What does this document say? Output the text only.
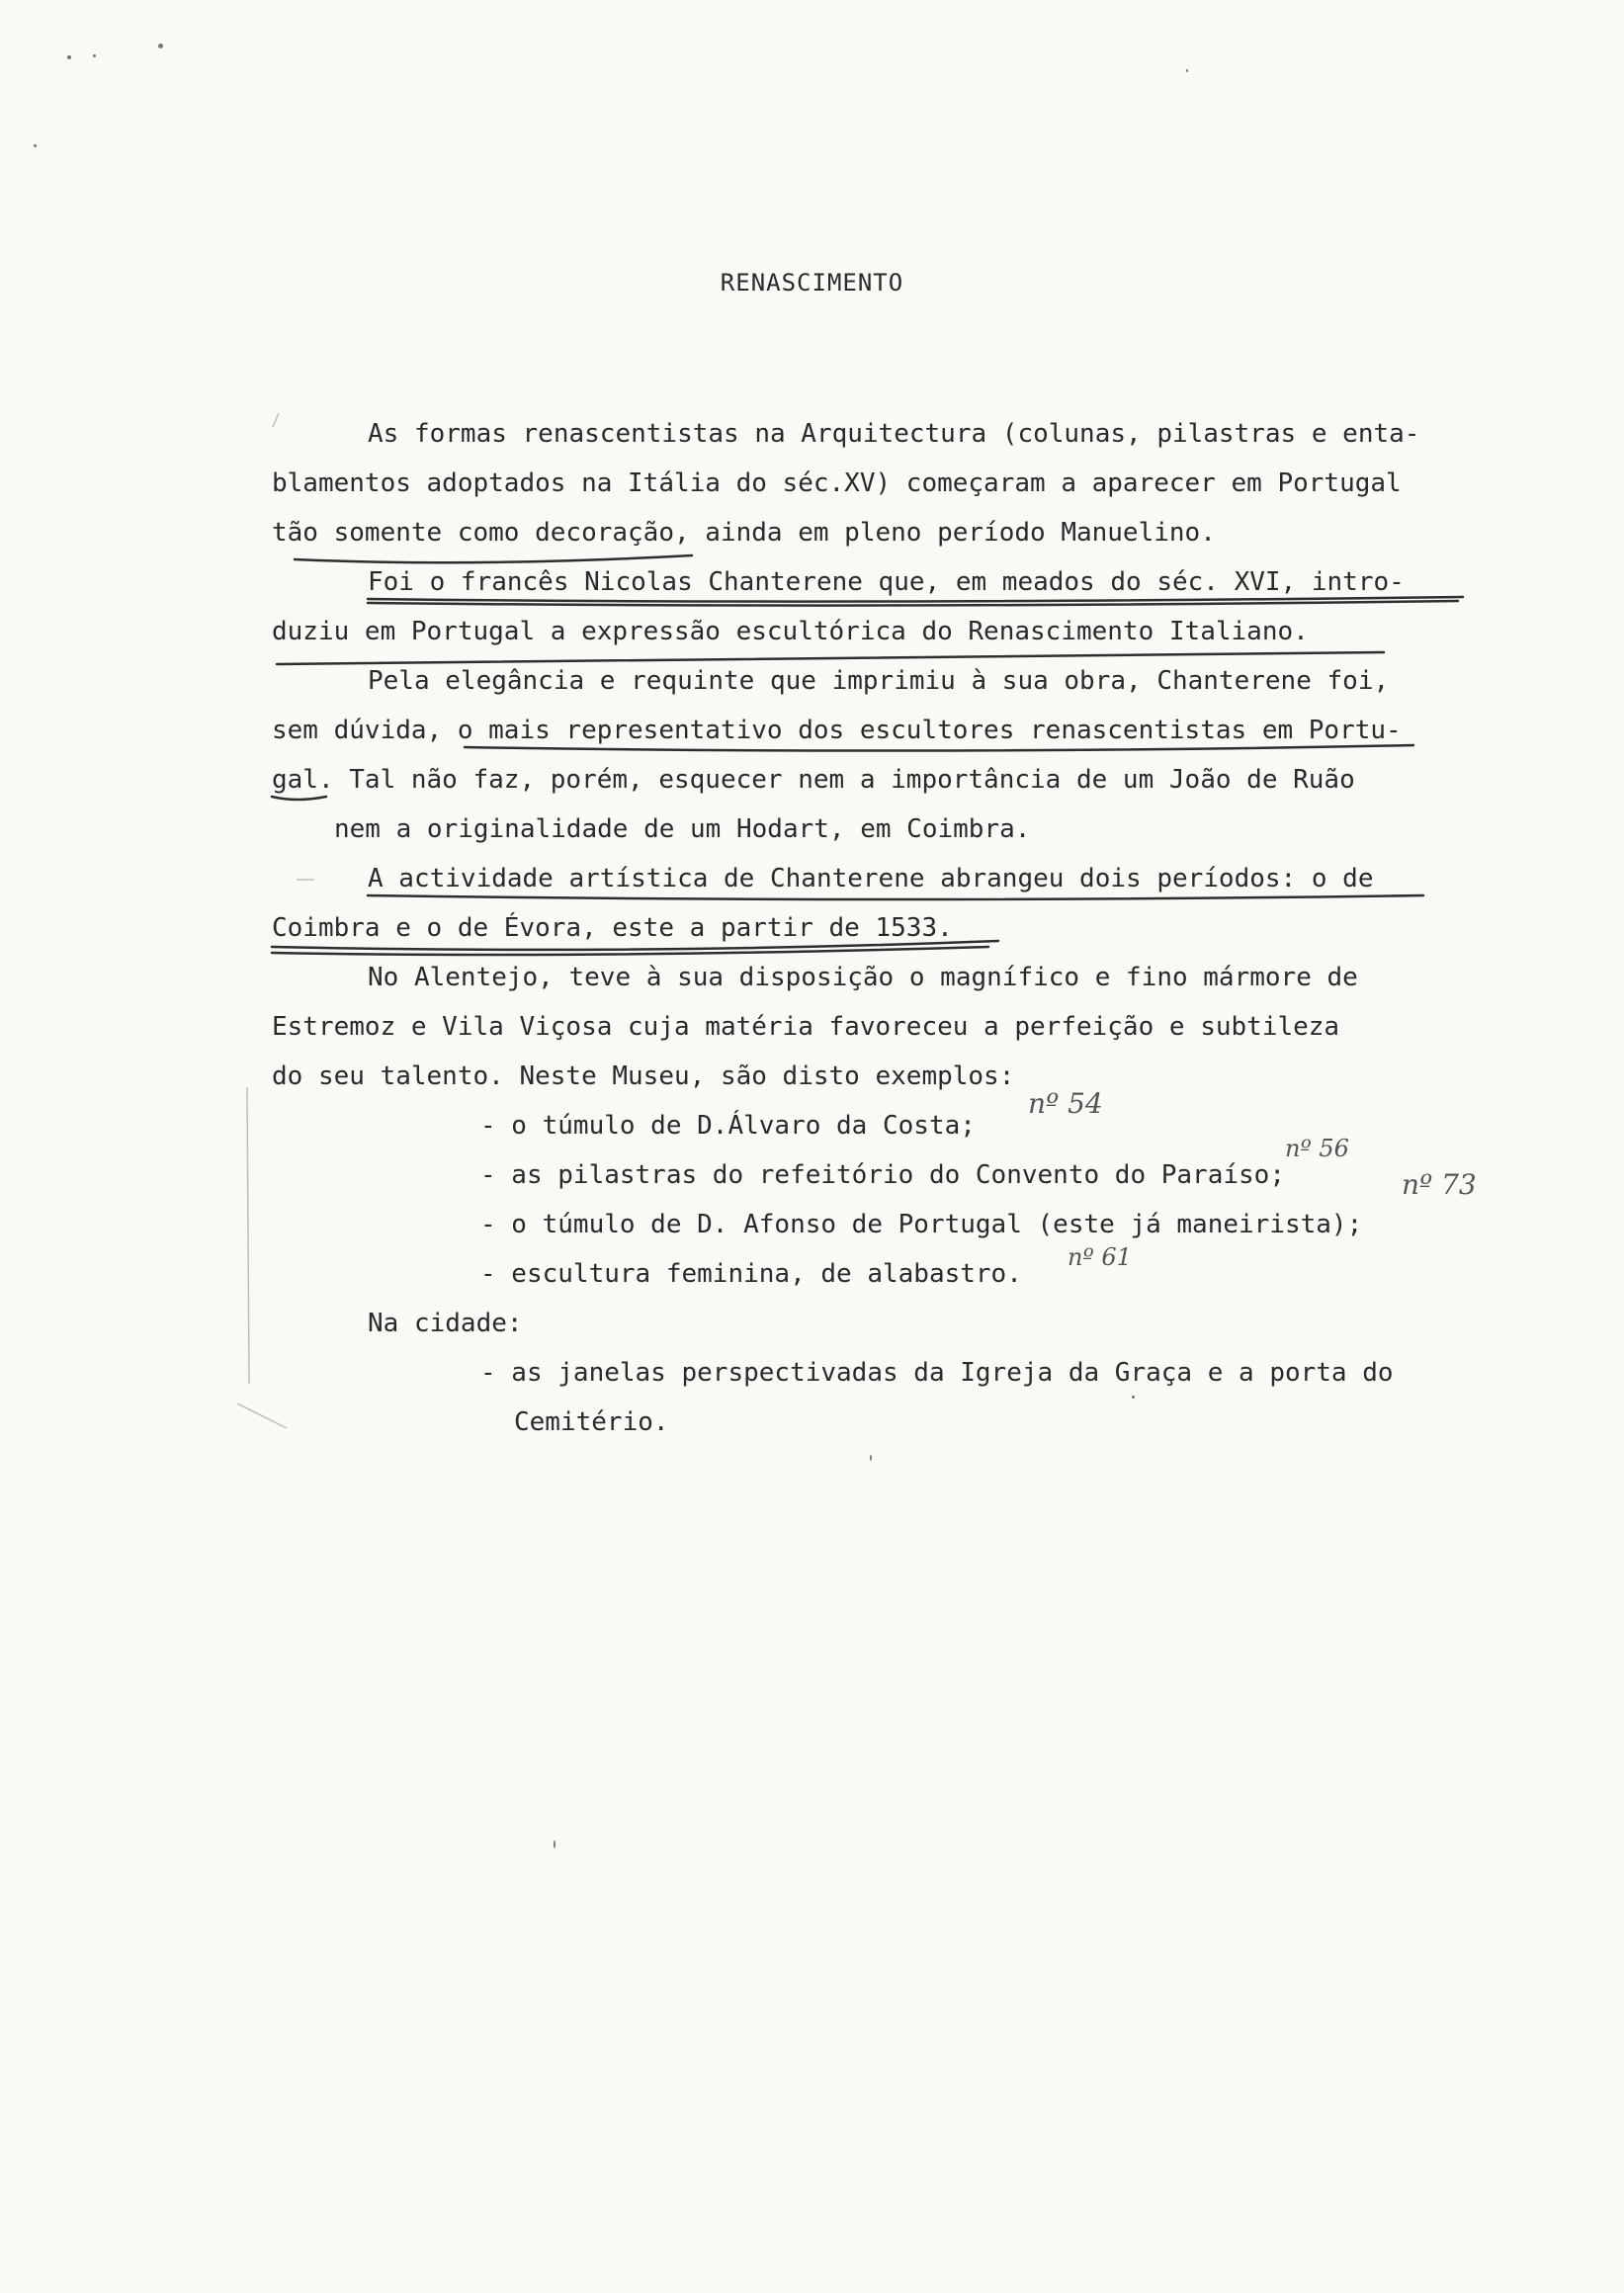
RENASCIMENTO
As formas renascentistas na Arquitectura (colunas, pilastras e enta-
blamentos adoptados na Itália do séc.XV) começaram a aparecer em Portugal
tão somente como decoração, ainda em pleno período Manuelino.
Foi o francês Nicolas Chanterene que, em meados do séc. XVI, intro-
duziu em Portugal a expressão escultórica do Renascimento Italiano.
Pela elegância e requinte que imprimiu à sua obra, Chanterene foi,
sem dúvida, o mais representativo dos escultores renascentistas em Portu-
gal. Tal não faz, porém, esquecer nem a importância de um João de Ruão
nem a originalidade de um Hodart, em Coimbra.
A actividade artística de Chanterene abrangeu dois períodos: o de
Coimbra e o de Évora, este a partir de 1533.
No Alentejo, teve à sua disposição o magnífico e fino mármore de
Estremoz e Vila Viçosa cuja matéria favoreceu a perfeição e subtileza
do seu talento. Neste Museu, são disto exemplos:
- o túmulo de D.Álvaro da Costa;
- as pilastras do refeitório do Convento do Paraíso;
- o túmulo de D. Afonso de Portugal (este já maneirista);
- escultura feminina, de alabastro.
Na cidade:
- as janelas perspectivadas da Igreja da Graça e a porta do
Cemitério.
nº 54
nº 56
nº 73
nº 61
